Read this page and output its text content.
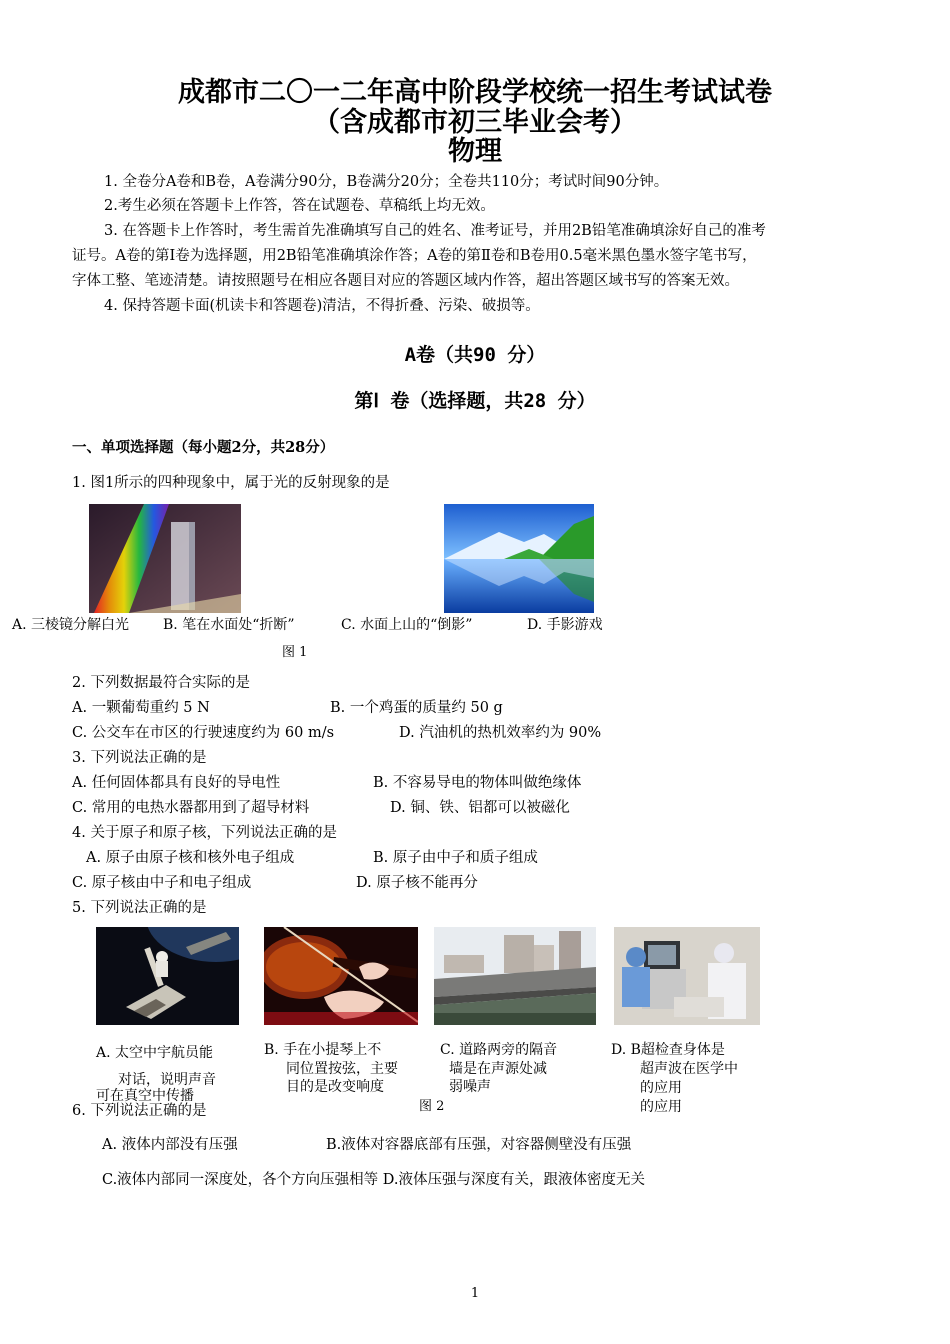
成都市二〇一二年高中阶段学校统一招生考试试卷
（含成都市初三毕业会考）
物理
1. 全卷分A卷和B卷，A卷满分90分，B卷满分20分；全卷共110分；考试时间90分钟。
2.考生必须在答题卡上作答，答在试题卷、草稿纸上均无效。
3. 在答题卡上作答时，考生需首先准确填写自己的姓名、准考证号，并用2B铅笔准确填涂好自己的准考
证号。A卷的第Ⅰ卷为选择题，用2B铅笔准确填涂作答；A卷的第Ⅱ卷和B卷用0.5毫米黑色墨水签字笔书写，
字体工整、笔迹清楚。请按照题号在相应各题目对应的答题区域内作答，超出答题区域书写的答案无效。
4. 保持答题卡面(机读卡和答题卷)清洁，不得折叠、污染、破损等。
A卷（共90 分）
第Ⅰ 卷（选择题，共28 分）
一、单项选择题（每小题2分，共28分）
1. 图1所示的四种现象中，属于光的反射现象的是
A. 三棱镜分解白光 B. 笔在水面处“折断”	C. 水面上山的“倒影”	D. 手影游戏
图 1
2. 下列数据最符合实际的是
A. 一颗葡萄重约 5 N	B. 一个鸡蛋的质量约 50 g
C. 公交车在市区的行驶速度约为 60 m/s	D. 汽油机的热机效率约为 90%
3. 下列说法正确的是
A. 任何固体都具有良好的导电性	B. 不容易导电的物体叫做绝缘体
C. 常用的电热水器都用到了超导材料	D. 铜、铁、铝都可以被磁化
4. 关于原子和原子核，下列说法正确的是
A. 原子由原子核和核外电子组成	B. 原子由中子和质子组成
C. 原子核由中子和电子组成	D. 原子核不能再分
5. 下列说法正确的是
A. 太空中宇航员能
对话，说明声音
可在真空中传播
B. 手在小提琴上不
同位置按弦，主要
目的是改变响度
C. 道路两旁的隔音
墙是在声源处减
弱噪声
D. B超检查身体是
超声波在医学中
的应用
的应用
图 2
6. 下列说法正确的是
A. 液体内部没有压强	B.液体对容器底部有压强，对容器侧壁没有压强
C.液体内部同一深度处，各个方向压强相等 D.液体压强与深度有关，跟液体密度无关
1
